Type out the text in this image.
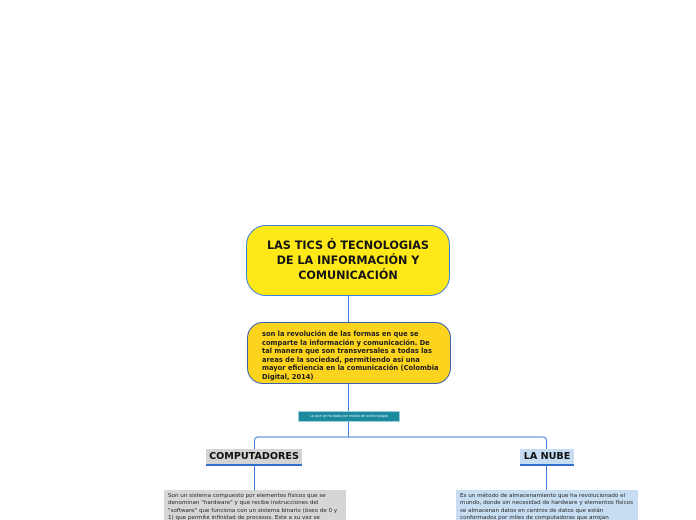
LAS TICS Ó TECNOLOGIAS DE LA INFORMACIÓN Y COMUNICACIÓN
son la revolución de las formas en que se comparte la información y comunicación. De tal manera que son transversales a todas las areas de la sociedad, permitiendo así una mayor eficiencia en la comunicación (Colombia Digital, 2014)
Lo que se ha dado por medio de la tecnologia
COMPUTADORES	LA NUBE
Son un sistema compuesto por elementos físicos que se denominan "hardware" y que recibe instrucciones del "software" que funciona con un sistema binario (óseo de 0 y 1) que permite infinidad de procesos. Este a su vez se
Es un método de almacenamiento que ha revolucionado el mundo, donde sin necesidad de hardware y elementos físicos se almacenan datos en centros de datos que están conformados por miles de computadoras que arrojan
